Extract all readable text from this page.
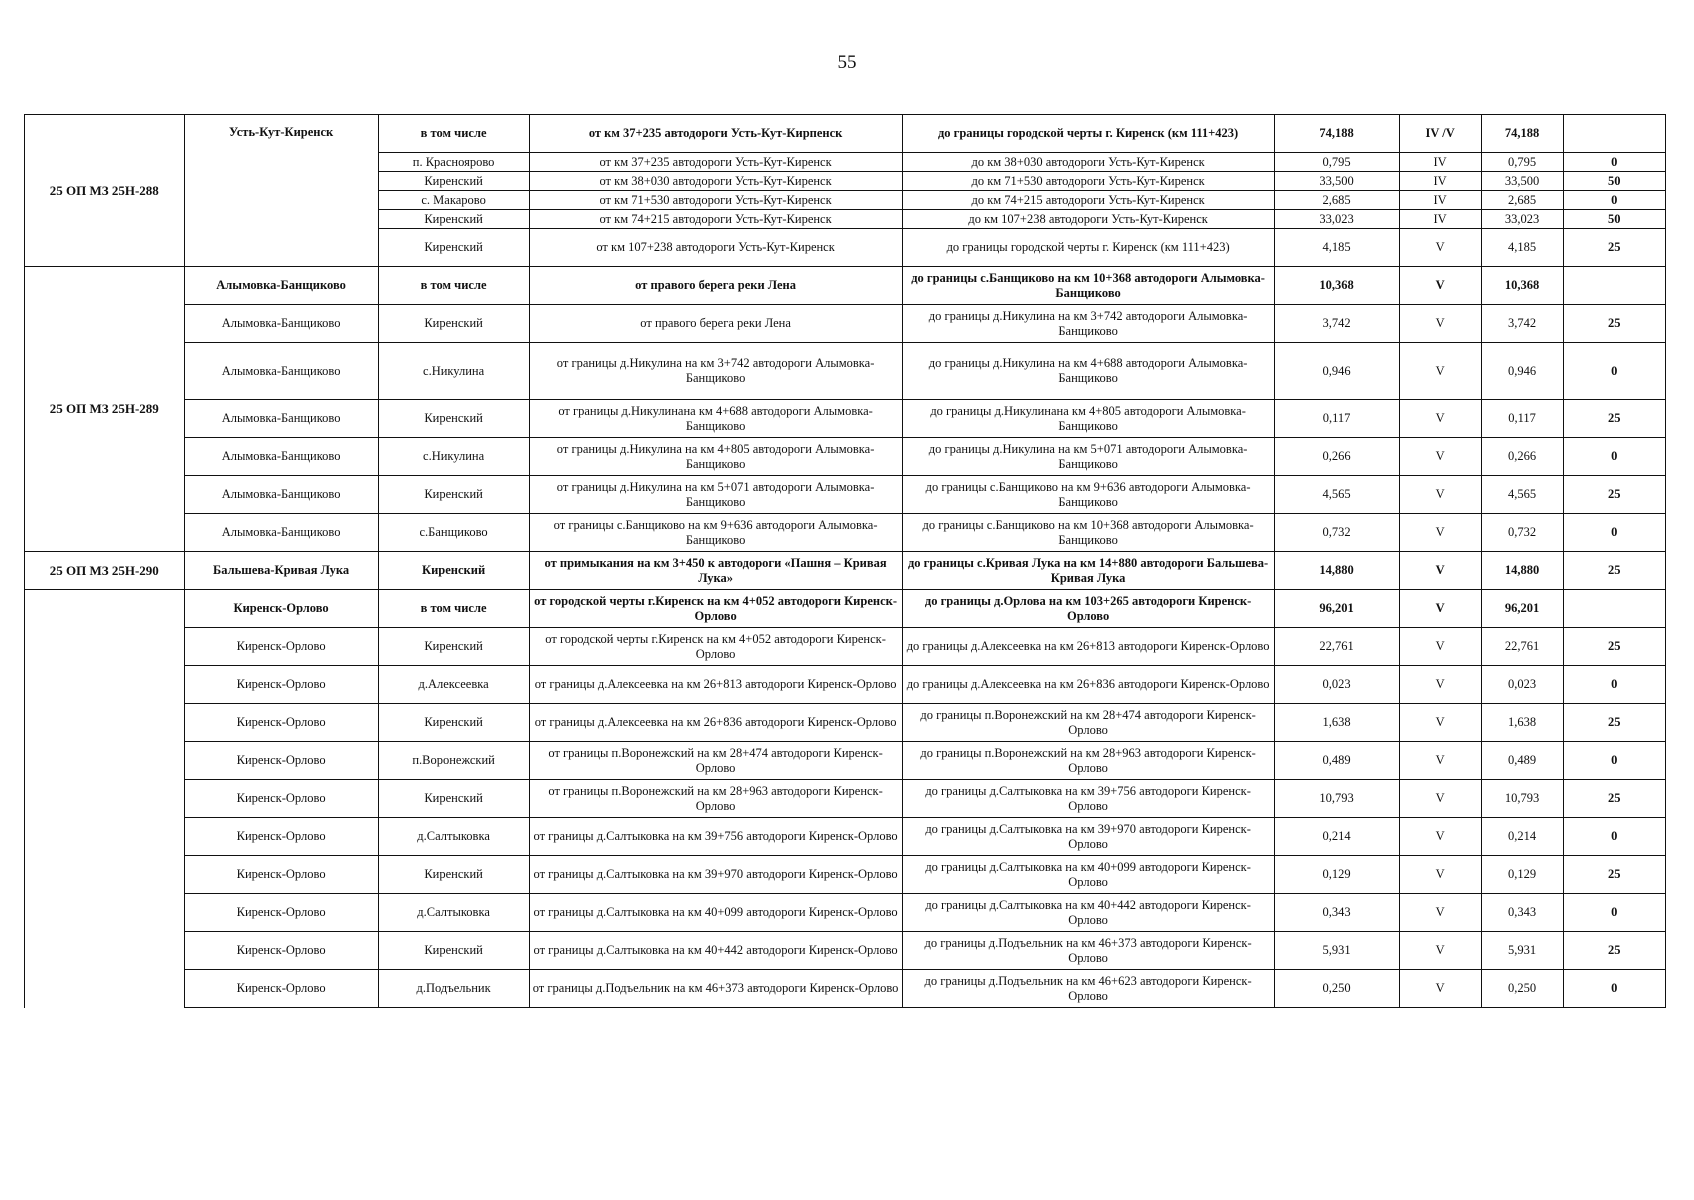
55
25 ОП МЗ 25Н-288	Усть-Кут-Киренск	в том числе	от км 37+235 автодороги Усть-Кут-Кирпенск	до границы городской черты г. Киренск (км 111+423)	74,188	IV /V	74,188	
		п. Красноярово	от км 37+235 автодороги Усть-Кут-Киренск	до км 38+030 автодороги Усть-Кут-Киренск	0,795	IV	0,795	0
		Киренский	от км 38+030 автодороги Усть-Кут-Киренск	до км 71+530 автодороги Усть-Кут-Киренск	33,500	IV	33,500	50
		с. Макарово	от км 71+530 автодороги Усть-Кут-Киренск	до км 74+215 автодороги Усть-Кут-Киренск	2,685	IV	2,685	0
		Киренский	от км 74+215 автодороги Усть-Кут-Киренск	до км 107+238 автодороги Усть-Кут-Киренск	33,023	IV	33,023	50
		Киренский	от км 107+238 автодороги Усть-Кут-Киренск	до границы городской черты г. Киренск (км 111+423)	4,185	V	4,185	25
25 ОП МЗ 25Н-289	Алымовка-Банщиково	в том числе	от правого берега реки Лена	до границы с.Банщиково на км 10+368 автодороги Алымовка-Банщиково	10,368	V	10,368	
	Алымовка-Банщиково	Киренский	от правого берега реки Лена	до границы д.Никулина на км 3+742 автодороги Алымовка-Банщиково	3,742	V	3,742	25
	Алымовка-Банщиково	с.Никулина	от границы д.Никулина на км 3+742 автодороги Алымовка-Банщиково	до границы д.Никулина на км 4+688 автодороги Алымовка-Банщиково	0,946	V	0,946	0
	Алымовка-Банщиково	Киренский	от границы д.Никулинана км 4+688 автодороги Алымовка-Банщиково	до границы д.Никулинана км 4+805 автодороги Алымовка-Банщиково	0,117	V	0,117	25
	Алымовка-Банщиково	с.Никулина	от границы д.Никулина на км 4+805 автодороги Алымовка-Банщиково	до границы д.Никулина на км 5+071 автодороги Алымовка-Банщиково	0,266	V	0,266	0
	Алымовка-Банщиково	Киренский	от границы д.Никулина на км 5+071 автодороги Алымовка-Банщиково	до границы с.Банщиково на км 9+636 автодороги Алымовка-Банщиково	4,565	V	4,565	25
	Алымовка-Банщиково	с.Банщиково	от границы с.Банщиково на км 9+636 автодороги Алымовка-Банщиково	до границы с.Банщиково на км 10+368 автодороги Алымовка-Банщиково	0,732	V	0,732	0
25 ОП МЗ 25Н-290	Бальшева-Кривая Лука	Киренский	от примыкания на км 3+450 к автодороги «Пашня – Кривая Лука»	до границы с.Кривая Лука на км 14+880 автодороги Бальшева-Кривая Лука	14,880	V	14,880	25
	Киренск-Орлово	в том числе	от городской черты г.Киренск на км 4+052 автодороги Киренск-Орлово	до границы д.Орлова на км 103+265 автодороги Киренск-Орлово	96,201	V	96,201	
	Киренск-Орлово	Киренский	от городской черты г.Киренск на км 4+052 автодороги Киренск-Орлово	до границы д.Алексеевка на км 26+813 автодороги Киренск-Орлово	22,761	V	22,761	25
	Киренск-Орлово	д.Алексеевка	от границы д.Алексеевка на км 26+813 автодороги Киренск-Орлово	до границы д.Алексеевка на км 26+836 автодороги Киренск-Орлово	0,023	V	0,023	0
	Киренск-Орлово	Киренский	от границы д.Алексеевка на км 26+836 автодороги Киренск-Орлово	до границы п.Воронежский на км 28+474 автодороги Киренск-Орлово	1,638	V	1,638	25
	Киренск-Орлово	п.Воронежский	от границы п.Воронежский на км 28+474 автодороги Киренск-Орлово	до границы п.Воронежский на км 28+963 автодороги Киренск-Орлово	0,489	V	0,489	0
	Киренск-Орлово	Киренский	от границы п.Воронежский на км 28+963 автодороги Киренск-Орлово	до границы д.Салтыковка на км 39+756 автодороги Киренск-Орлово	10,793	V	10,793	25
	Киренск-Орлово	д.Салтыковка	от границы д.Салтыковка на км 39+756 автодороги Киренск-Орлово	до границы д.Салтыковка на км 39+970 автодороги Киренск-Орлово	0,214	V	0,214	0
	Киренск-Орлово	Киренский	от границы д.Салтыковка на км 39+970 автодороги Киренск-Орлово	до границы д.Салтыковка на км 40+099 автодороги Киренск-Орлово	0,129	V	0,129	25
	Киренск-Орлово	д.Салтыковка	от границы д.Салтыковка на км 40+099 автодороги Киренск-Орлово	до границы д.Салтыковка на км 40+442 автодороги Киренск-Орлово	0,343	V	0,343	0
	Киренск-Орлово	Киренский	от границы д.Салтыковка на км 40+442 автодороги Киренск-Орлово	до границы д.Подъельник на км 46+373 автодороги Киренск-Орлово	5,931	V	5,931	25
	Киренск-Орлово	д.Подъельник	от границы д.Подъельник на км 46+373 автодороги Киренск-Орлово	до границы д.Подъельник на км 46+623 автодороги Киренск-Орлово	0,250	V	0,250	0
